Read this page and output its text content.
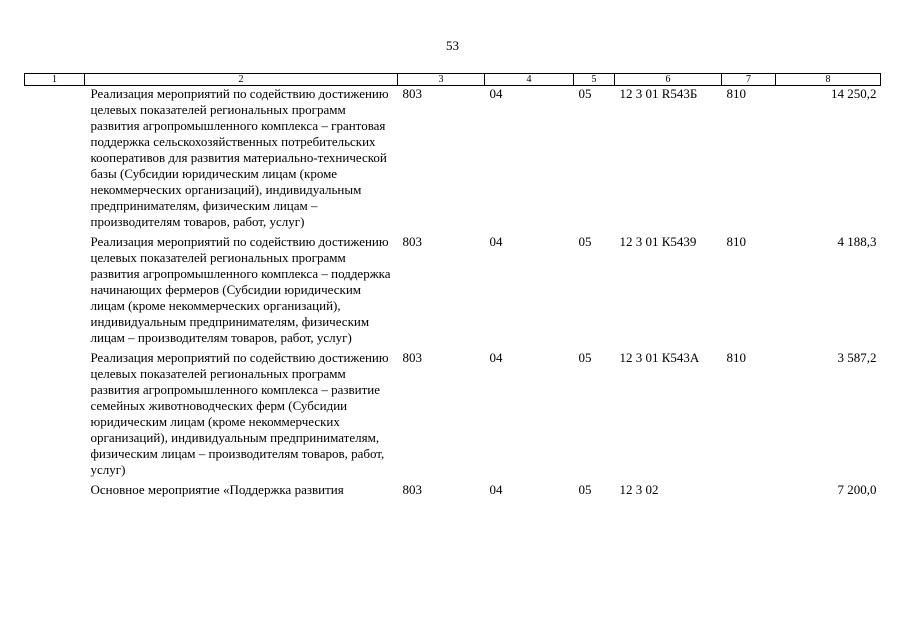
53
1	2	3	4	5	6	7	8
	Реализация мероприятий по содействию достижению целевых показателей региональных программ развития агропромышленного комплекса – грантовая поддержка сельскохозяйственных потребительских кооперативов для развития материально-технической базы (Субсидии юридическим лицам (кроме некоммерческих организаций), индивидуальным предпринимателям, физическим лицам – производителям товаров, работ, услуг)	803	04	05	12 3 01 R543Б	810	14 250,2
	Реализация мероприятий по содействию достижению целевых показателей региональных программ развития агропромышленного комплекса – поддержка начинающих фермеров (Субсидии юридическим лицам (кроме некоммерческих организаций), индивидуальным предпринимателям, физическим лицам – производителям товаров, работ, услуг)	803	04	05	12 3 01 К5439	810	4 188,3
	Реализация мероприятий по содействию достижению целевых показателей региональных программ развития агропромышленного комплекса – развитие семейных животноводческих ферм (Субсидии юридическим лицам (кроме некоммерческих организаций), индивидуальным предпринимателям, физическим лицам – производителям товаров, работ, услуг)	803	04	05	12 3 01 К543А	810	3 587,2
	Основное мероприятие «Поддержка развития	803	04	05	12 3 02		7 200,0
